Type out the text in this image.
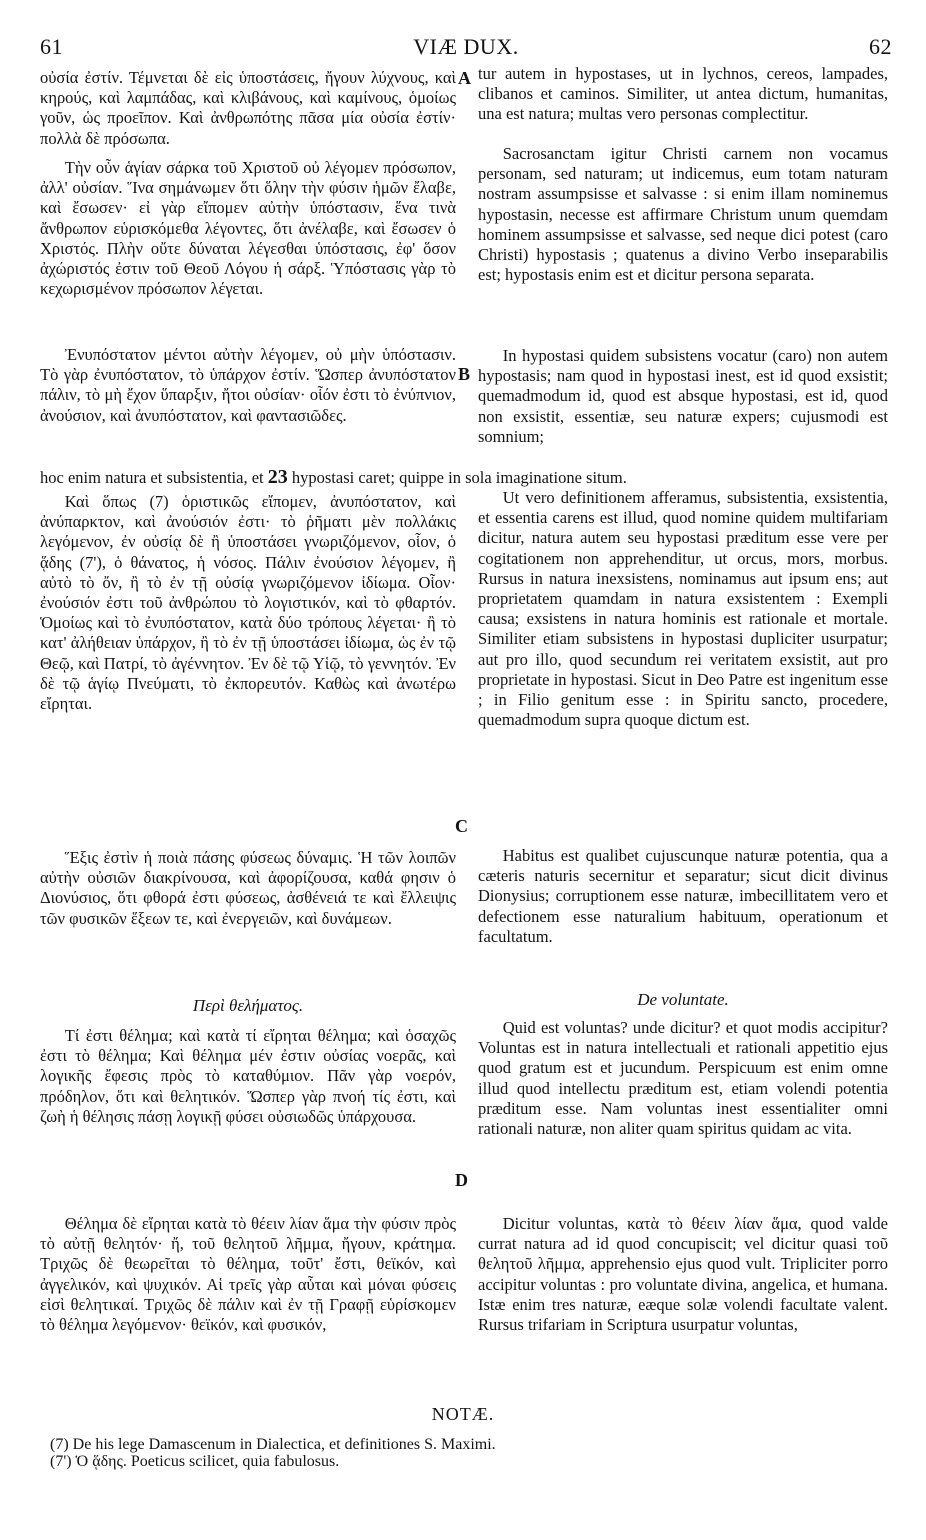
61	VIÆ DUX.	62

οὐσία ἐστίν. Τέμνεται δὲ εἰς ὑποστάσεις, ἤγουν λύχνους, καὶ κηρούς, καὶ λαμπάδας, καὶ κλιβάνους, καὶ καμίνους, ὁμοίως γοῦν, ὡς προεῖπον. Καὶ ἀνθρωπότης πᾶσα μία οὐσία ἐστίν· πολλὰ δὲ πρόσωπα.

Τὴν οὖν ἁγίαν σάρκα τοῦ Χριστοῦ οὐ λέγομεν πρόσωπον, ἀλλ' οὐσίαν. Ἵνα σημάνωμεν ὅτι ὅλην τὴν φύσιν ἡμῶν ἔλαβε, καὶ ἔσωσεν· εἰ γὰρ εἴπομεν αὐτὴν ὑπόστασιν, ἕνα τινὰ ἄνθρωπον εὑρισκόμεθα λέγοντες, ὅτι ἀνέλαβε, καὶ ἔσωσεν ὁ Χριστός. Πλὴν οὔτε δύναται λέγεσθαι ὑπόστασις, ἐφ' ὅσον ἀχώριστός ἐστιν τοῦ Θεοῦ Λόγου ἡ σάρξ. Ὑπόστασις γὰρ τὸ κεχωρισμένον πρόσωπον λέγεται.

Ἐνυπόστατον μέντοι αὐτὴν λέγομεν, οὐ μὴν ὑπόστασιν. Τὸ γὰρ ἐνυπόστατον, τὸ ὑπάρχον ἐστίν. Ὥσπερ ἀνυπόστατον πάλιν, τὸ μὴ ἔχον ὕπαρξιν, ἤτοι οὐσίαν· οἷόν ἐστι τὸ ἐνύπνιον, ἀνούσιον, καὶ ἀνυπόστατον, καὶ φαντασιῶδες.

hoc enim natura et subsistentia, et 23 hypostasi caret; quippe in sola imaginatione situm.

Καὶ ὅπως (7) ὁριστικῶς εἴπομεν, ἀνυπόστατον, καὶ ἀνύπαρκτον, καὶ ἀνούσιόν ἐστι· τὸ ῥῆματι μὲν πολλάκις λεγόμενον, ἐν οὐσίᾳ δὲ ἢ ὑποστάσει γνωριζόμενον, οἷον, ὁ ᾅδης (7'), ὁ θάνατος, ἡ νόσος. Πάλιν ἐνούσιον λέγομεν, ἢ αὐτὸ τὸ ὄν, ἢ τὸ ἐν τῇ οὐσίᾳ γνωριζόμενον ἰδίωμα. Οἷον· ἐνούσιόν ἐστι τοῦ ἀνθρώπου τὸ λογιστικόν, καὶ τὸ φθαρτόν. Ὁμοίως καὶ τὸ ἐνυπόστατον, κατὰ δύο τρόπους λέγεται· ἢ τὸ κατ' ἀλήθειαν ὑπάρχον, ἢ τὸ ἐν τῇ ὑποστάσει ἰδίωμα, ὡς ἐν τῷ Θεῷ, καὶ Πατρί, τὸ ἀγέννητον. Ἐν δὲ τῷ Υἱῷ, τὸ γεννητόν. Ἐν δὲ τῷ ἁγίῳ Πνεύματι, τὸ ἐκπορευτόν. Καθὼς καὶ ἀνωτέρω εἴρηται.

Ἕξις ἐστὶν ἡ ποιὰ πάσης φύσεως δύναμις. Ἡ τῶν λοιπῶν αὐτὴν οὐσιῶν διακρίνουσα, καὶ ἀφορίζουσα, καθά φησιν ὁ Διονύσιος, ὅτι φθορά ἐστι φύσεως, ἀσθένειά τε καὶ ἔλλειψις τῶν φυσικῶν ἕξεων τε, καὶ ἐνεργειῶν, καὶ δυνάμεων.

Περὶ θελήματος.

Τί ἐστι θέλημα; καὶ κατὰ τί εἴρηται θέλημα; καὶ ὁσαχῶς ἐστι τὸ θέλημα; Καὶ θέλημα μέν ἐστιν οὐσίας νοερᾶς, καὶ λογικῆς ἔφεσις πρὸς τὸ καταθύμιον. Πᾶν γὰρ νοερόν, πρόδηλον, ὅτι καὶ θελητικόν. Ὥσπερ γὰρ πνοή τίς ἐστι, καὶ ζωὴ ἡ θέλησις πάσῃ λογικῇ φύσει οὐσιωδῶς ὑπάρχουσα.

Θέλημα δὲ εἴρηται κατὰ τὸ θέειν λίαν ἅμα τὴν φύσιν πρὸς τὸ αὐτῇ θελητόν· ἤ, τοῦ θελητοῦ λῆμμα, ἤγουν, κράτημα. Τριχῶς δὲ θεωρεῖται τὸ θέλημα, τοῦτ' ἔστι, θεϊκόν, καὶ ἀγγελικόν, καὶ ψυχικόν. Αἱ τρεῖς γὰρ αὗται καὶ μόναι φύσεις εἰσὶ θελητικαί. Τριχῶς δὲ πάλιν καὶ ἐν τῇ Γραφῇ εὑρίσκομεν τὸ θέλημα λεγόμενον· θεϊκόν, καὶ φυσικόν,

A tur autem in hypostases, ut in lychnos, cereos, lampades, clibanos et caminos. Similiter, ut antea dictum, humanitas, una est natura; multas vero personas complectitur.

Sacrosanctam igitur Christi carnem non vocamus personam, sed naturam; ut indicemus, eum totam naturam nostram assumpsisse et salvasse : si enim illam nominemus hypostasin, necesse est affirmare Christum unum quemdam hominem assumpsisse et salvasse, sed neque dici potest (caro Christi) hypostasis ; quatenus a divino Verbo inseparabilis est; hypostasis enim est et dicitur persona separata.

B

In hypostasi quidem subsistens vocatur (caro) non autem hypostasis; nam quod in hypostasi inest, est id quod exsistit; quemadmodum id, quod est absque hypostasi, est id, quod non exsistit, essentiæ, seu naturæ expers; cujusmodi est somnium;

Ut vero definitionem afferamus, subsistentia, exsistentia, et essentia carens est illud, quod nomine quidem multifariam dicitur, natura autem seu hypostasi præditum esse vere per cogitationem non apprehenditur, ut orcus, mors, morbus. Rursus in natura inexsistens, nominamus aut ipsum ens; aut proprietatem quamdam in natura exsistentem : Exempli causa; exsistens in natura hominis est rationale et mortale. Similiter etiam subsistens in hypostasi dupliciter usurpatur; aut pro illo, quod secundum rei veritatem exsistit, aut pro proprietate in hypostasi. Sicut in Deo Patre est ingenitum esse ; in Filio genitum esse : in Spiritu sancto, procedere, quemadmodum supra quoque dictum est.

C

Habitus est qualibet cujuscunque naturæ potentia, qua a cæteris naturis secernitur et separatur; sicut dicit divinus Dionysius; corruptionem esse naturæ, imbecillitatem vero et defectionem esse naturalium habituum, operationum et facultatum.

De voluntate.

Quid est voluntas? unde dicitur? et quot modis accipitur? Voluntas est in natura intellectuali et rationali appetitio ejus quod gratum est et jucundum. Perspicuum est enim omne illud quod intellectu præditum est, etiam volendi potentia præditum esse. Nam voluntas inest essentialiter omni rationali naturæ, non aliter quam spiritus quidam ac vita.

D

Dicitur voluntas, κατὰ τὸ θέειν λίαν ἅμα, quod valde currat natura ad id quod concupiscit; vel dicitur quasi τοῦ θελητοῦ λῆμμα, apprehensio ejus quod vult. Tripliciter porro accipitur voluntas : pro voluntate divina, angelica, et humana. Istæ enim tres naturæ, eæque solæ volendi facultate valent. Rursus trifariam in Scriptura usurpatur voluntas,

NOTÆ.

(7) De his lege Damascenum in Dialectica, et definitiones S. Maximi.

(7') Ὁ ᾅδης. Poeticus scilicet, quia fabulosus.
